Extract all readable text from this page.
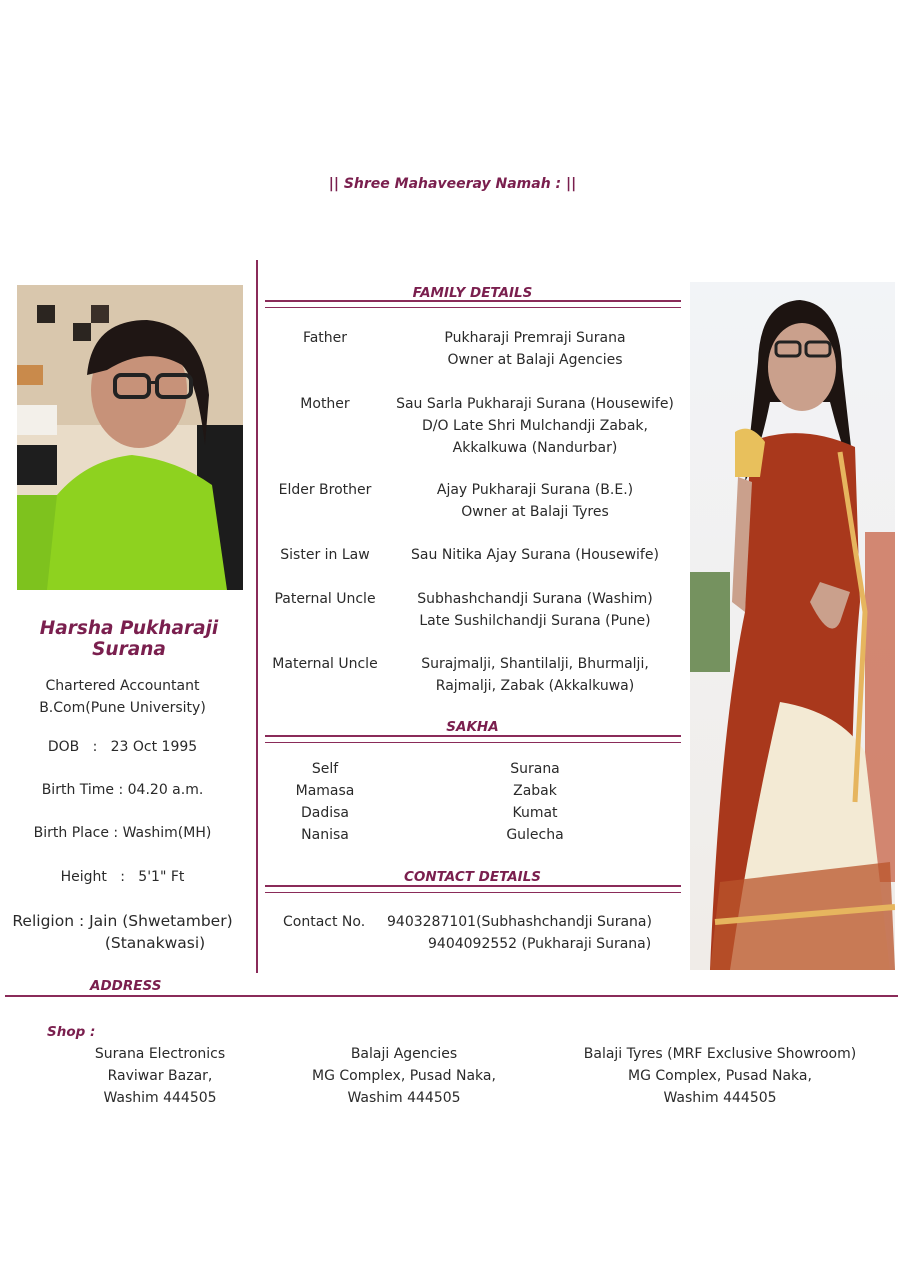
|| Shree Mahaveeray Namah : ||
Harsha Pukharaji Surana
Chartered Accountant
B.Com(Pune University)
DOB   :   23 Oct 1995
Birth Time : 04.20 a.m.
Birth Place : Washim(MH)
Height   :   5'1" Ft
Religion : Jain (Shwetamber)
(Stanakwasi)
FAMILY DETAILS
Father	Pukharaji Premraji Surana
Owner at Balaji Agencies
Mother	Sau Sarla Pukharaji Surana (Housewife)
D/O Late Shri Mulchandji Zabak,
Akkalkuwa (Nandurbar)
Elder Brother	Ajay Pukharaji Surana (B.E.)
Owner at Balaji Tyres
Sister in Law	Sau Nitika Ajay Surana (Housewife)
Paternal Uncle	Subhashchandji Surana (Washim)
Late Sushilchandji Surana (Pune)
Maternal Uncle	Surajmalji, Shantilalji, Bhurmalji,
Rajmalji, Zabak (Akkalkuwa)
SAKHA
Self	Surana
Mamasa	Zabak
Dadisa	Kumat
Nanisa	Gulecha
CONTACT DETAILS
Contact No. 9403287101(Subhashchandji Surana)
9404092552 (Pukharaji Surana)
ADDRESS
Shop :
Surana Electronics
Raviwar Bazar,
Washim 444505
Balaji Agencies
MG Complex, Pusad Naka,
Washim 444505
Balaji Tyres (MRF Exclusive Showroom)
MG Complex, Pusad Naka,
Washim 444505
